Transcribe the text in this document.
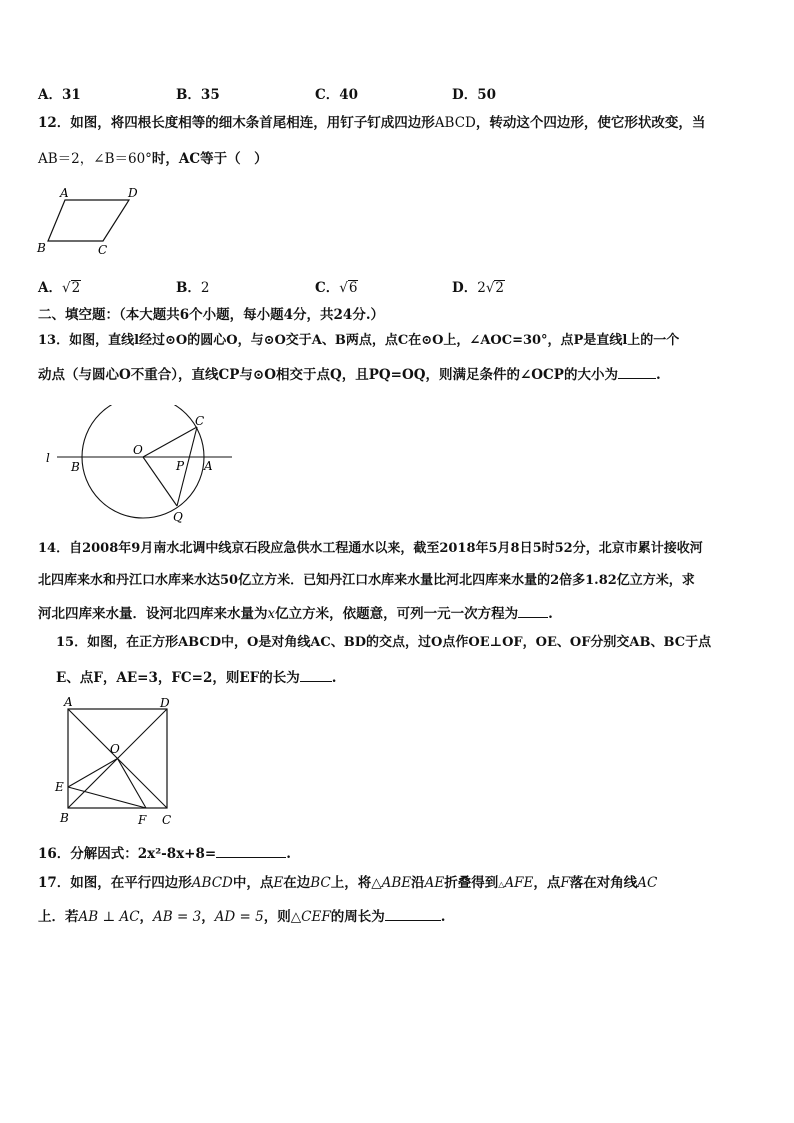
A．31	B．35	C．40	D．50
12．如图，将四根长度相等的细木条首尾相连，用钉子钉成四边形ABCD，转动这个四边形，使它形状改变，当
AB＝2，∠B＝60°时，AC等于（　）
A	D
B	C
A．√2	B．2	C．√6	D．2√2
二、填空题：（本大题共6个小题，每小题4分，共24分.）
13．如图，直线l经过⊙O的圆心O，与⊙O交于A、B两点，点C在⊙O上，∠AOC=30°，点P是直线l上的一个
动点（与圆心O不重合），直线CP与⊙O相交于点Q，且PQ=OQ，则满足条件的∠OCP的大小为	.
l
B
O
C
P A
Q
14．自2008年9月南水北调中线京石段应急供水工程通水以来，截至2018年5月8日5时52分，北京市累计接收河
北四库来水和丹江口水库来水达50亿立方米．已知丹江口水库来水量比河北四库来水量的2倍多1.82亿立方米，求
河北四库来水量．设河北四库来水量为x亿立方米，依题意，可列一元一次方程为 .
15．如图，在正方形ABCD中，O是对角线AC、BD的交点，过O点作OE⊥OF，OE、OF分别交AB、BC于点
E、点F，AE=3，FC=2，则EF的长为 .
A	D
O
E
B	F C
16．分解因式：2x²-8x+8=	.
17．如图，在平行四边形ABCD中，点E在边BC上，将△ABE沿AE折叠得到△AFE，点F落在对角线AC
上．若AB ⊥ AC，AB = 3，AD = 5，则△CEF的周长为	.
